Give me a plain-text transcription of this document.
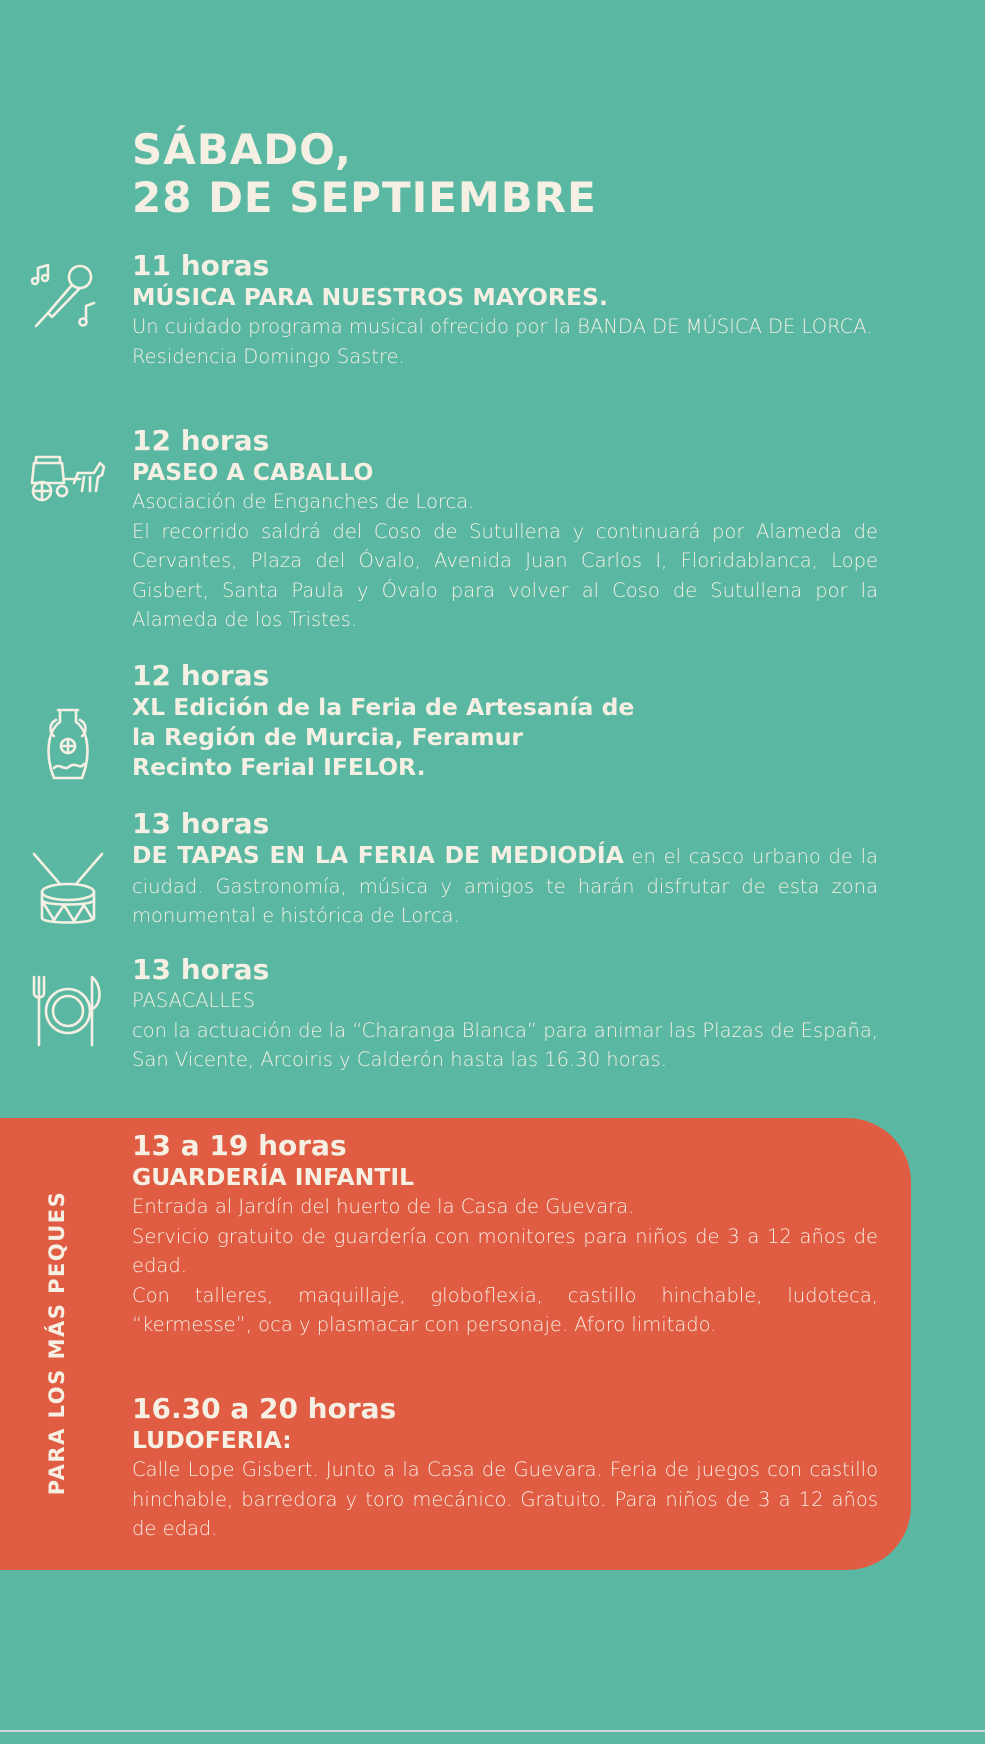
SÁBADO,
28 DE SEPTIEMBRE

11 horas

MÚSICA PARA NUESTROS MAYORES.

Un cuidado programa musical ofrecido por la BANDA DE MÚSICA DE LORCA.

Residencia Domingo Sastre.

12 horas

PASEO A CABALLO

Asociación de Enganches de Lorca.

El recorrido saldrá del Coso de Sutullena y continuará por Alameda de Cervantes, Plaza del Óvalo, Avenida Juan Carlos I, Floridablanca, Lope Gisbert, Santa Paula y Óvalo para volver al Coso de Sutullena por la Alameda de los Tristes.

12 horas

XL Edición de la Feria de Artesanía de

la Región de Murcia, Feramur

Recinto Ferial IFELOR.

13 horas

DE TAPAS EN LA FERIA DE MEDIODÍA en el casco urbano de la ciudad. Gastronomía, música y amigos te harán disfrutar de esta zona monumental e histórica de Lorca.

13 horas

PASACALLES

con la actuación de la “Charanga Blanca” para animar las Plazas de España, San Vicente, Arcoiris y Calderón hasta las 16.30 horas.

PARA LOS MÁS PEQUES

13 a 19 horas

GUARDERÍA INFANTIL

Entrada al Jardín del huerto de la Casa de Guevara.

Servicio gratuito de guardería con monitores para niños de 3 a 12 años de edad.

Con talleres, maquillaje, globoflexia, castillo hinchable, ludoteca, “kermesse”, oca y plasmacar con personaje. Aforo limitado.

16.30 a 20 horas

LUDOFERIA:

Calle Lope Gisbert. Junto a la Casa de Guevara. Feria de juegos con castillo hinchable, barredora y toro mecánico. Gratuito. Para niños de 3 a 12 años de edad.
